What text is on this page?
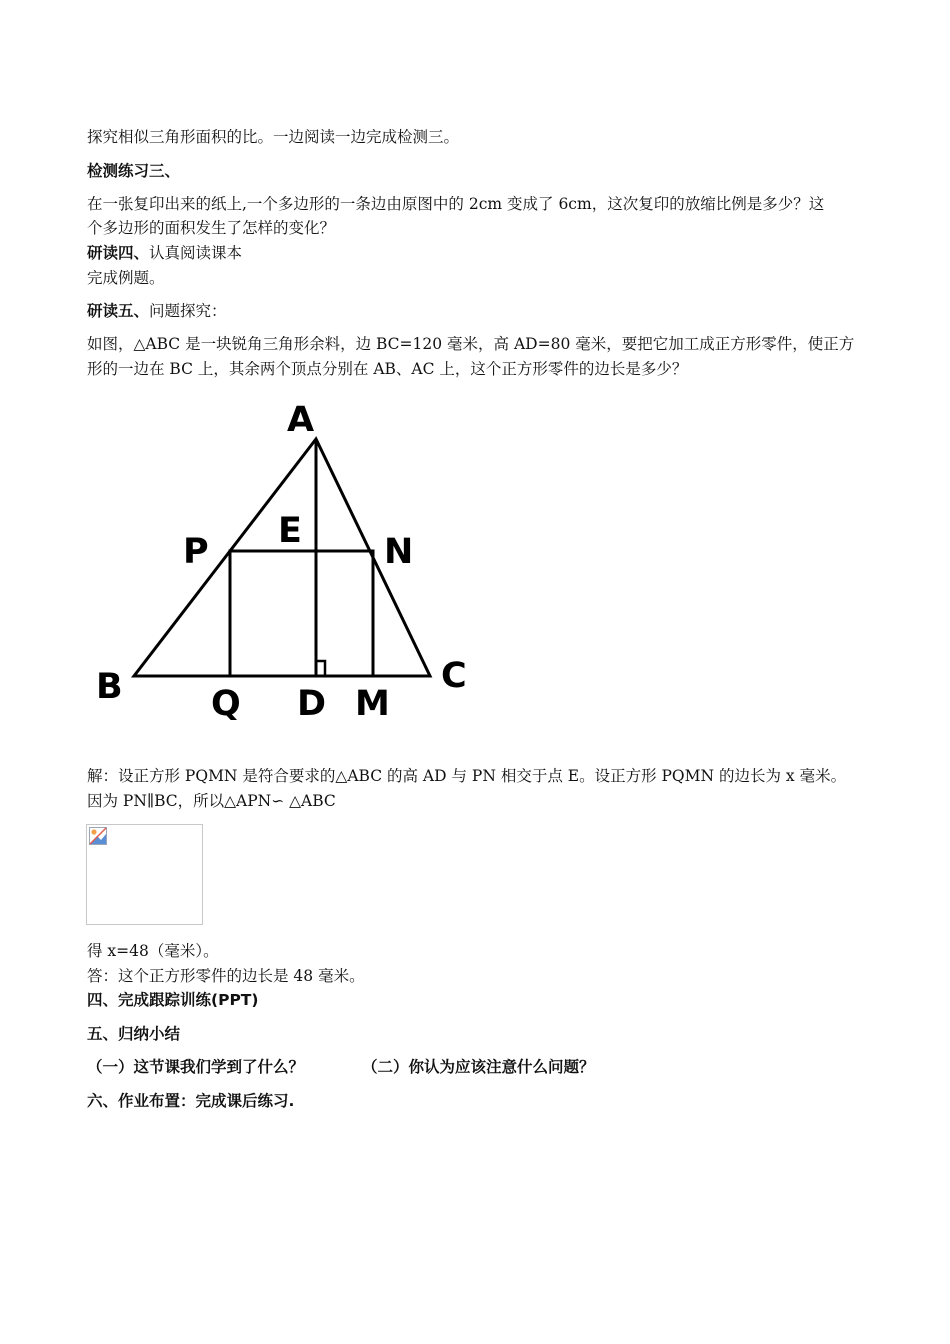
探究相似三角形面积的比。一边阅读一边完成检测三。
检测练习三、
在一张复印出来的纸上,一个多边形的一条边由原图中的 2cm 变成了 6cm，这次复印的放缩比例是多少？这
个多边形的面积发生了怎样的变化？
研读四、认真阅读课本
完成例题。
研读五、问题探究：
如图，△ABC 是一块锐角三角形余料，边 BC=120 毫米，高 AD=80 毫米，要把它加工成正方形零件，使正方
形的一边在 BC 上，其余两个顶点分别在 AB、AC 上，这个正方形零件的边长是多少？
A
E
P	N
B	C
Q D M
解：设正方形 PQMN 是符合要求的△ABC 的高 AD 与 PN 相交于点 E。设正方形 PQMN 的边长为 x 毫米。
因为 PN∥BC，所以△APN∽ △ABC
得 x=48（毫米）。
答：这个正方形零件的边长是 48 毫米。
四、完成跟踪训练(PPT)
五、归纳小结
（一）这节课我们学到了什么？	（二）你认为应该注意什么问题？
六、作业布置：完成课后练习.
